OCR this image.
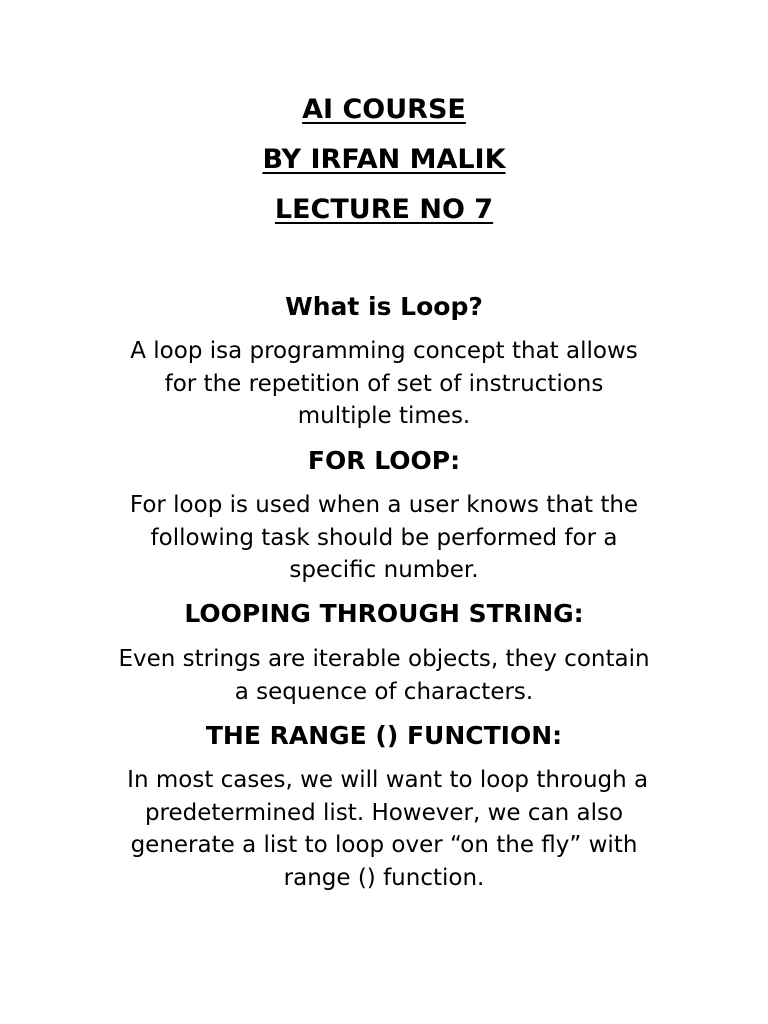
AI COURSE
BY IRFAN MALIK
LECTURE NO 7
What is Loop?
A loop isa programming concept that allows
for the repetition of set of instructions
multiple times.
FOR LOOP:
For loop is used when a user knows that the
following task should be performed for a
specific number.
LOOPING THROUGH STRING:
Even strings are iterable objects, they contain
a sequence of characters.
THE RANGE () FUNCTION:
In most cases, we will want to loop through a
predetermined list. However, we can also
generate a list to loop over “on the fly” with
range () function.
